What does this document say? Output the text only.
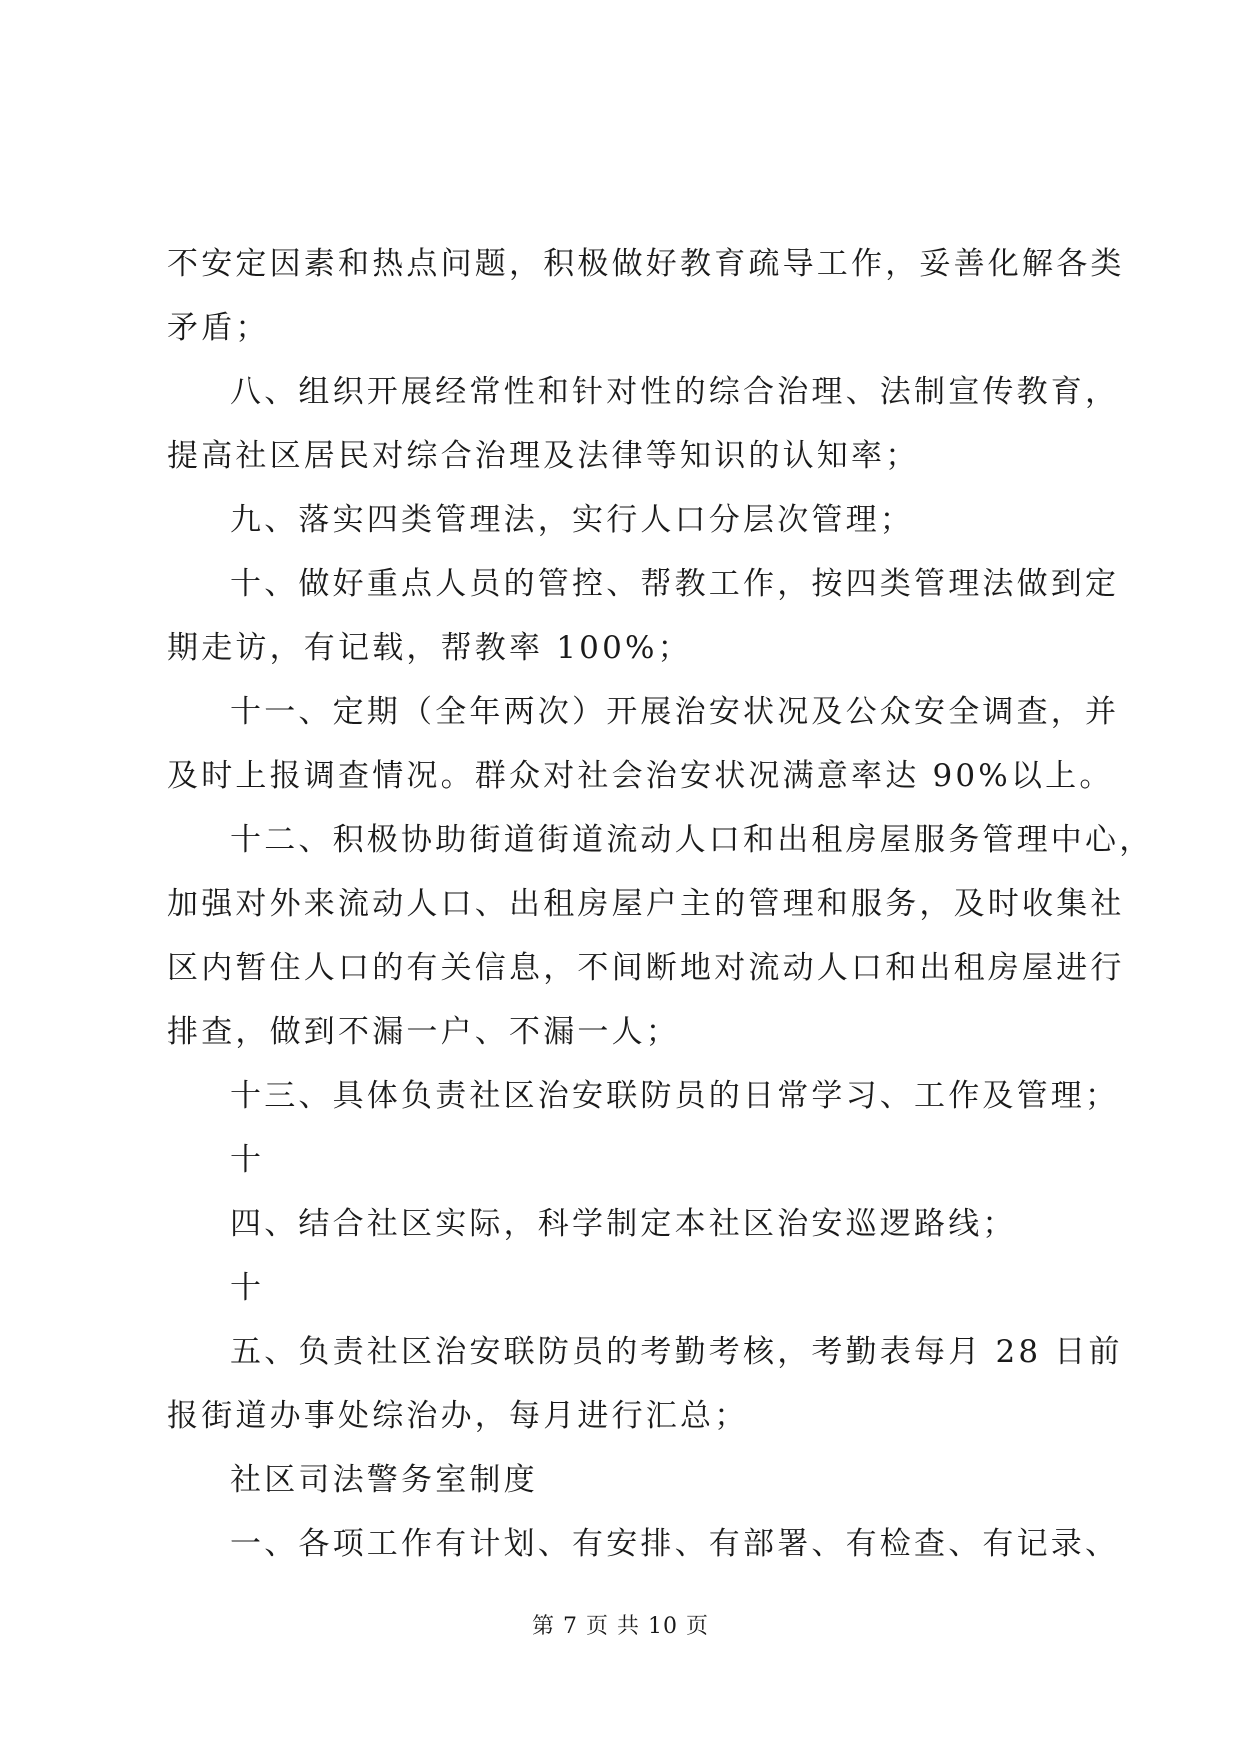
不安定因素和热点问题，积极做好教育疏导工作，妥善化解各类
矛盾；
八、组织开展经常性和针对性的综合治理、法制宣传教育，
提高社区居民对综合治理及法律等知识的认知率；
九、落实四类管理法，实行人口分层次管理；
十、做好重点人员的管控、帮教工作，按四类管理法做到定
期走访，有记载，帮教率 100%；
十一、定期（全年两次）开展治安状况及公众安全调查，并
及时上报调查情况。群众对社会治安状况满意率达 90%以上。
十二、积极协助街道街道流动人口和出租房屋服务管理中心，
加强对外来流动人口、出租房屋户主的管理和服务，及时收集社
区内暂住人口的有关信息，不间断地对流动人口和出租房屋进行
排查，做到不漏一户、不漏一人；
十三、具体负责社区治安联防员的日常学习、工作及管理；
十
四、结合社区实际，科学制定本社区治安巡逻路线；
十
五、负责社区治安联防员的考勤考核，考勤表每月 28 日前
报街道办事处综治办，每月进行汇总；
社区司法警务室制度
一、各项工作有计划、有安排、有部署、有检查、有记录、
第 7 页 共 10 页
